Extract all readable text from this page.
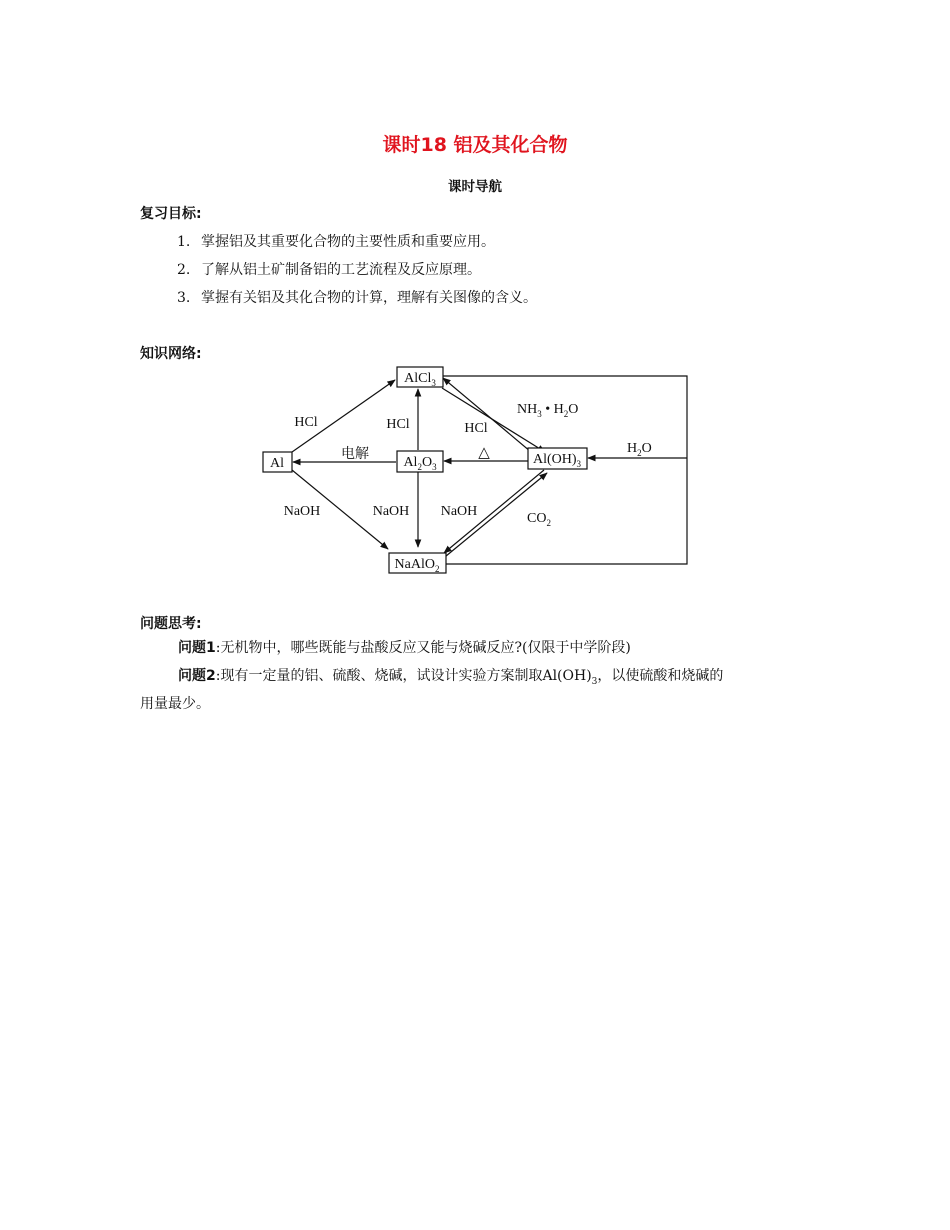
课时18 铝及其化合物
课时导航
复习目标:
1. 掌握铝及其重要化合物的主要性质和重要应用。
2. 了解从铝土矿制备铝的工艺流程及反应原理。
3. 掌握有关铝及其化合物的计算，理解有关图像的含义。
知识网络:
AlCl$_3$
Al	$Al_2O_3$	$Al(OH)_3$
NaAlO$_2$
HCl	HCl	HCl
$NH_3$ • $H_2O$
△
电解	$H_2O$
NaOH	NaOH NaOH	$CO_2$
问题思考:
问题1:无机物中，哪些既能与盐酸反应又能与烧碱反应?(仅限于中学阶段)
问题2:现有一定量的铝、硫酸、烧碱，试设计实验方案制取$Al(OH)_3$，以使硫酸和烧碱的
用量最少。
